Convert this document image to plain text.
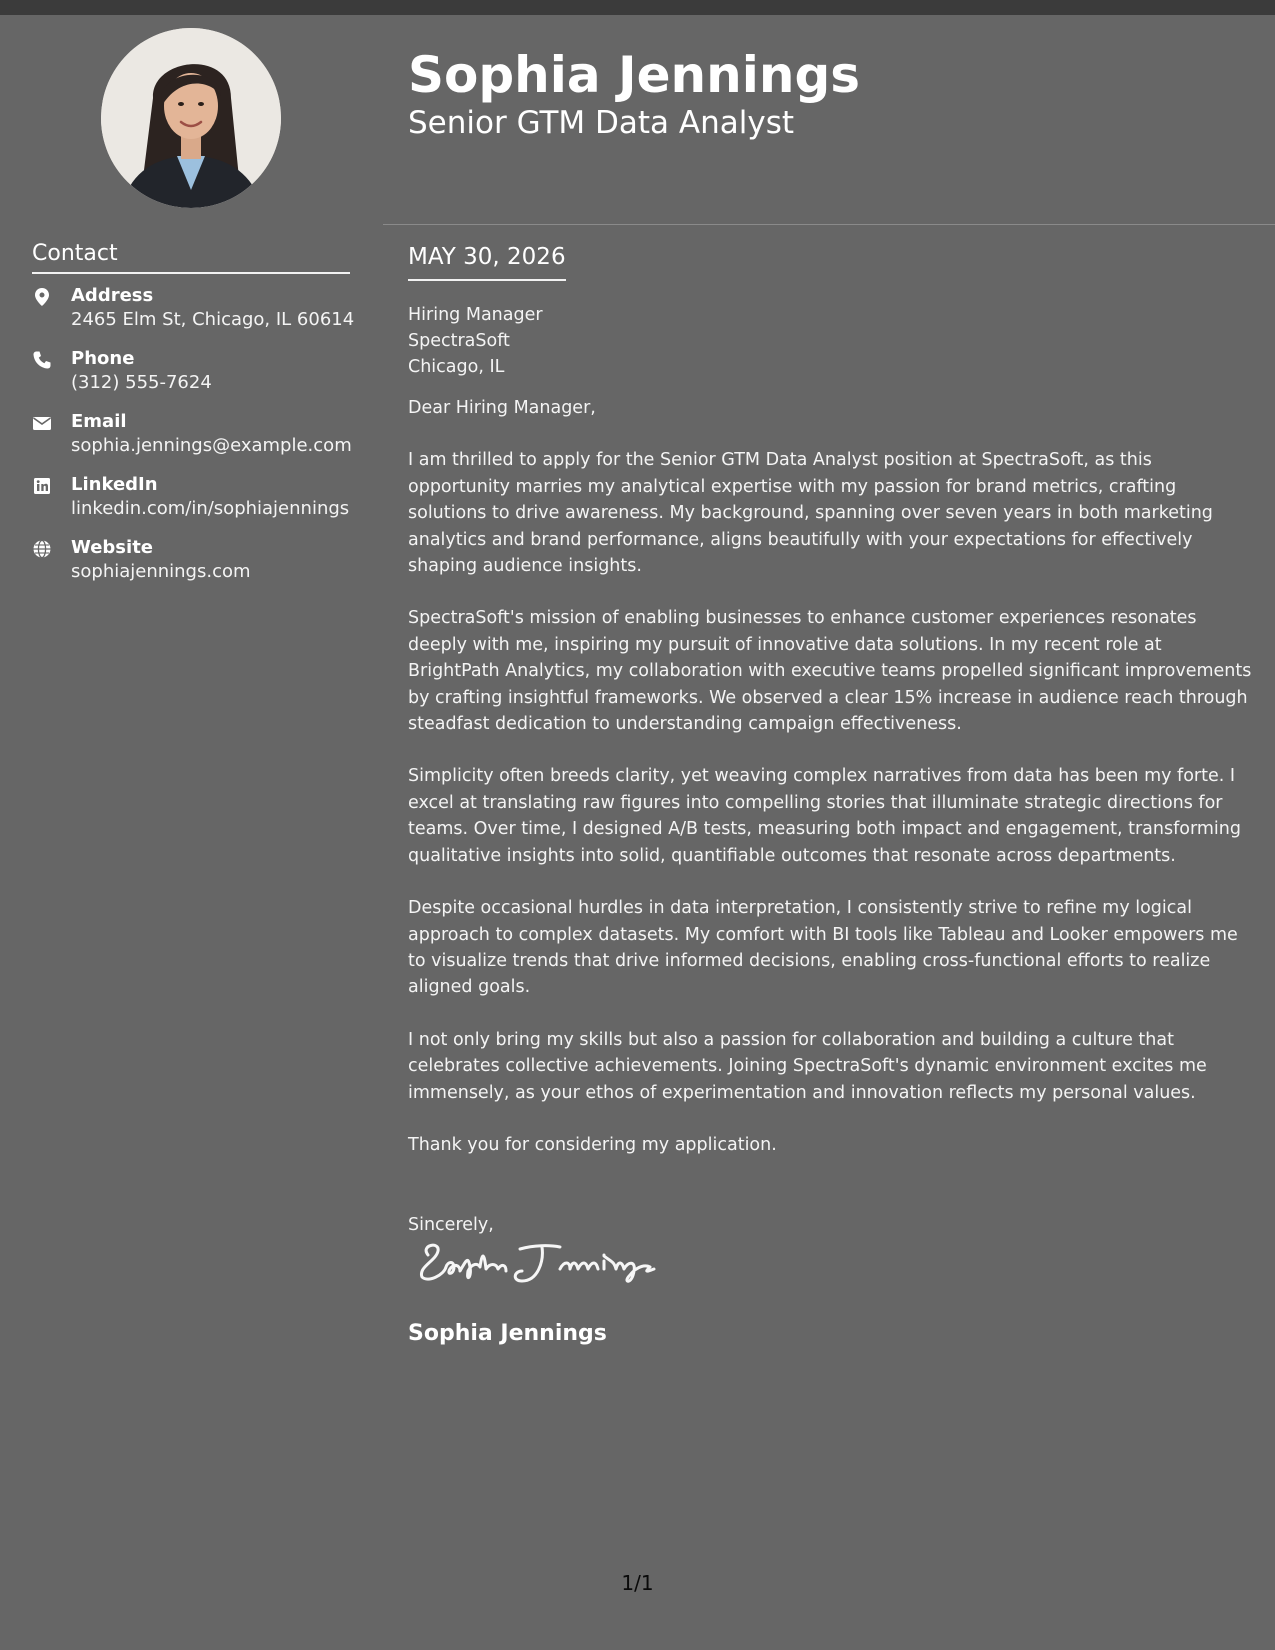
Contact
Address
2465 Elm St, Chicago, IL 60614
Phone
(312) 555-7624
Email
sophia.jennings@example.com
LinkedIn
linkedin.com/in/sophiajennings
Website
sophiajennings.com
Sophia Jennings
Senior GTM Data Analyst
MAY 30, 2026
Hiring Manager
SpectraSoft
Chicago, IL

Dear Hiring Manager,

I am thrilled to apply for the Senior GTM Data Analyst position at SpectraSoft, as this opportunity marries my analytical expertise with my passion for brand metrics, crafting solutions to drive awareness. My background, spanning over seven years in both marketing analytics and brand performance, aligns beautifully with your expectations for effectively shaping audience insights.

SpectraSoft's mission of enabling businesses to enhance customer experiences resonates deeply with me, inspiring my pursuit of innovative data solutions. In my recent role at BrightPath Analytics, my collaboration with executive teams propelled significant improvements by crafting insightful frameworks. We observed a clear 15% increase in audience reach through steadfast dedication to understanding campaign effectiveness.

Simplicity often breeds clarity, yet weaving complex narratives from data has been my forte. I excel at translating raw figures into compelling stories that illuminate strategic directions for teams. Over time, I designed A/B tests, measuring both impact and engagement, transforming qualitative insights into solid, quantifiable outcomes that resonate across departments.

Despite occasional hurdles in data interpretation, I consistently strive to refine my logical approach to complex datasets. My comfort with BI tools like Tableau and Looker empowers me to visualize trends that drive informed decisions, enabling cross-functional efforts to realize aligned goals.

I not only bring my skills but also a passion for collaboration and building a culture that celebrates collective achievements. Joining SpectraSoft's dynamic environment excites me immensely, as your ethos of experimentation and innovation reflects my personal values.

Thank you for considering my application.

Sincerely,

Sophia Jennings
1/1
